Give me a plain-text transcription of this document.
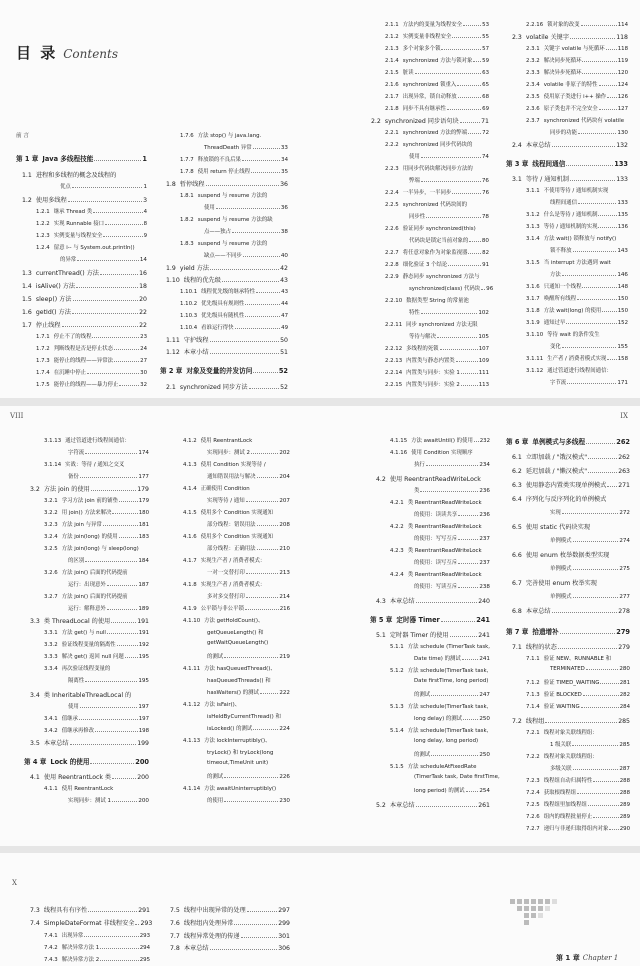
目 录 Contents
前 言
第 1 章 Java 多线程技能	1
1.1 进程和多线程的概念及线程的
优点	1
1.2 使用多线程	3
1.2.1 继承 Thread 类	4
1.2.2 实现 Runnable 接口	8
1.2.3 实例变量与线程安全	9
1.2.4 留意 i-- 与 System.out.println()
的异常	14
1.3 currentThread() 方法	16
1.4 isAlive() 方法	18
1.5 sleep() 方法	20
1.6 getId() 方法	22
1.7 停止线程	22
1.7.1 停止不了的线程	23
1.7.2 判断线程是否是停止状态	24
1.7.3 能停止的线程——异常法	27
1.7.4 在沉睡中停止	30
1.7.5 能停止的线程——暴力停止	32
1.7.6 方法 stop() 与 java.lang.
ThreadDeath 异常	33
1.7.7 释放锁的不良后果	34
1.7.8 使用 return 停止线程	35
1.8 暂停线程	36
1.8.1 suspend 与 resume 方法的
使用	36
1.8.2 suspend 与 resume 方法的缺
点——独占	38
1.8.3 suspend 与 resume 方法的
缺点——不同步	40
1.9 yield 方法	42
1.10 线程的优先级	43
1.10.1 线程优先级的继承特性	43
1.10.2 优先级具有规则性	44
1.10.3 优先级具有随机性	47
1.10.4 看谁运行得快	49
1.11 守护线程	50
1.12 本章小结	51
第 2 章 对象及变量的并发访问	52
2.1 synchronized 同步方法	52
2.1.1 方法内的变量为线程安全	53
2.1.2 实例变量非线程安全	55
2.1.3 多个对象多个锁	57
2.1.4 synchronized 方法与锁对象 59
2.1.5 脏读	63
2.1.6 synchronized 锁重入	65
2.1.7 出现异常，锁自动释放	68
2.1.8 同步不具有继承性	69
2.2 synchronized 同步语句块	71
2.2.1 synchronized 方法的弊端	72
2.2.2 synchronized 同步代码块的
使用	74
2.2.3 用同步代码块解决同步方法的
弊端	76
2.2.4 一半异步，一半同步	76
2.2.5 synchronized 代码块间的
同步性	78
2.2.6 验证同步 synchronized(this)
代码块是锁定当前对象的 80
2.2.7 将任意对象作为对象监视器	82
2.2.8 细化验证 3 个结论	91
2.2.9 静态同步 synchronized 方法与
synchronized(class) 代码块 96
2.2.10 数据类型 String 的常量池
特性	102
2.2.11 同步 synchronized 方法无限
等待与解决	105
2.2.12 多线程的死锁	107
2.2.13 内置类与静态内置类	109
2.2.14 内置类与同步：实验 1	111
2.2.15 内置类与同步：实验 2	113
2.2.16 锁对象的改变	114
2.3 volatile 关键字	118
2.3.1 关键字 volatile 与死循环 118
2.3.2 解决同步死循环	119
2.3.3 解决异步死循环	120
2.3.4 volatile 非原子的特性	124
2.3.5 使用原子类进行 i++ 操作 126
2.3.6 原子类也并不完全安全	127
2.3.7 synchronized 代码块有 volatile
同步的功能	130
2.4 本章总结	132
第 3 章 线程间通信	133
3.1 等待 / 通知机制	133
3.1.1 不使用等待 / 通知机制实现
线程间通信	133
3.1.2 什么是等待 / 通知机制	135
3.1.3 等待 / 通知机制的实现	136
3.1.4 方法 wait() 锁释放与 notify()
锁不释放	143
3.1.5 当 interrupt 方法遇到 wait
方法	146
3.1.6 只通知一个线程	148
3.1.7 唤醒所有线程	150
3.1.8 方法 wait(long) 的使用	150
3.1.9 通知过早	152
3.1.10 等待 wait 的条件发生
变化	155
3.1.11 生产者 / 消费者模式实现 158
3.1.12 通过管道进行线程间通信：
字节流	171
VIII	IX
3.1.13 通过管道进行线程间通信：
字符流	174
3.1.14 实战：等待 / 通知之交叉
备份	177
3.2 方法 join 的使用	179
3.2.1 学习方法 join 前的铺垫	179
3.2.2 用 join() 方法来解决	180
3.2.3 方法 join 与异常	181
3.2.4 方法 join(long) 的使用	183
3.2.5 方法 join(long) 与 sleep(long)
的区别	184
3.2.6 方法 join() 后面的代码提前
运行：出现意外	187
3.2.7 方法 join() 后面的代码提前
运行：解释意外	189
3.3 类 ThreadLocal 的使用	191
3.3.1 方法 get() 与 null	191
3.3.2 验证线程变量的隔离性	192
3.3.3 解决 get() 返回 null 问题	195
3.3.4 再次验证线程变量的
隔离性	195
3.4 类 InheritableThreadLocal 的
使用	197
3.4.1 值继承	197
3.4.2 值继承再修改	198
3.5 本章总结	199
第 4 章 Lock 的使用	200
4.1 使用 ReentrantLock 类	200
4.1.1 使用 ReentrantLock
实现同步：测试 1	200
4.1.2 使用 ReentrantLock
实现同步：测试 2	202
4.1.3 使用 Condition 实现等待 /
通知错误用法与解决	204
4.1.4 正确使用 Condition
实现等待 / 通知	207
4.1.5 使用多个 Condition 实现通知
部分线程：错误用法	208
4.1.6 使用多个 Condition 实现通知
部分线程：正确用法	210
4.1.7 实现生产者 / 消费者模式：
一对一交替打印	213
4.1.8 实现生产者 / 消费者模式：
多对多交替打印	214
4.1.9 公平锁与非公平锁	216
4.1.10 方法 getHoldCount()、
getQueueLength() 和
getWaitQueueLength()
的测试	219
4.1.11 方法 hasQueuedThread()、
hasQueuedThreads() 和
hasWaiters() 的测试	222
4.1.12 方法 isFair()、
isHeldByCurrentThread() 和
isLocked() 的测试	224
4.1.13 方法 lockInterruptibly()、
tryLock() 和 tryLock(long
timeout,TimeUnit unit)
的测试	226
4.1.14 方法 awaitUninterruptibly()
的使用	230
4.1.15 方法 awaitUntil() 的使用 232
4.1.16 使用 Condition 实现顺序
执行	234
4.2 使用 ReentrantReadWriteLock
类	236
4.2.1 类 ReentrantReadWriteLock
的使用：读读共享	236
4.2.2 类 ReentrantReadWriteLock
的使用：写写互斥	237
4.2.3 类 ReentrantReadWriteLock
的使用：读写互斥	237
4.2.4 类 ReentrantReadWriteLock
的使用：写读互斥	238
4.3 本章总结	240
第 5 章 定时器 Timer	241
5.1 定时器 Timer 的使用	241
5.1.1 方法 schedule (TimerTask task,
Date time) 的测试	241
5.1.2 方法 schedule(TimerTask task,
Date firstTime, long period)
的测试	247
5.1.3 方法 schedule(TimerTask task,
long delay) 的测试	250
5.1.4 方法 schedule(TimerTask task,
long delay, long period)
的测试	250
5.1.5 方法 scheduleAtFixedRate
(TimerTask task, Date firstTime,
long period) 的测试	254
5.2 本章总结	261
第 6 章 单例模式与多线程	262
6.1 立即加载 / "饿汉模式"	262
6.2 延迟加载 / "懒汉模式"	263
6.3 使用静态内置类实现单例模式 271
6.4 序列化与反序列化的单例模式
实现	272
6.5 使用 static 代码块实现
单例模式	274
6.6 使用 enum 枚举数据类型实现
单例模式	275
6.7 完善使用 enum 枚举实现
单例模式	277
6.8 本章总结	278
第 7 章 拾遗增补	279
7.1 线程的状态	279
7.1.1 验证 NEW、RUNNABLE 和
TERMINATED	280
7.1.2 验证 TIMED_WAITING	281
7.1.3 验证 BLOCKED	282
7.1.4 验证 WAITING	284
7.2 线程组	285
7.2.1 线程对象关联线程组：
1 级关联	285
7.2.2 线程对象关联线程组：
多级关联	287
7.2.3 线程组自动归属特性	288
7.2.4 获取根线程组	288
7.2.5 线程组里加线程组	289
7.2.6 组内的线程批量停止	289
7.2.7 递归与非递归取得组内对象 290
X
第 1 章 Chapter 1
7.3 线程具有有序性	291
7.4 SimpleDateFormat 非线程安全 293
7.4.1 出现异常	293
7.4.2 解决异常方法 1	294
7.4.3 解决异常方法 2	295
7.5 线程中出现异常的处理	297
7.6 线程组内处理异常	299
7.7 线程异常处理的传递	301
7.8 本章总结	306
